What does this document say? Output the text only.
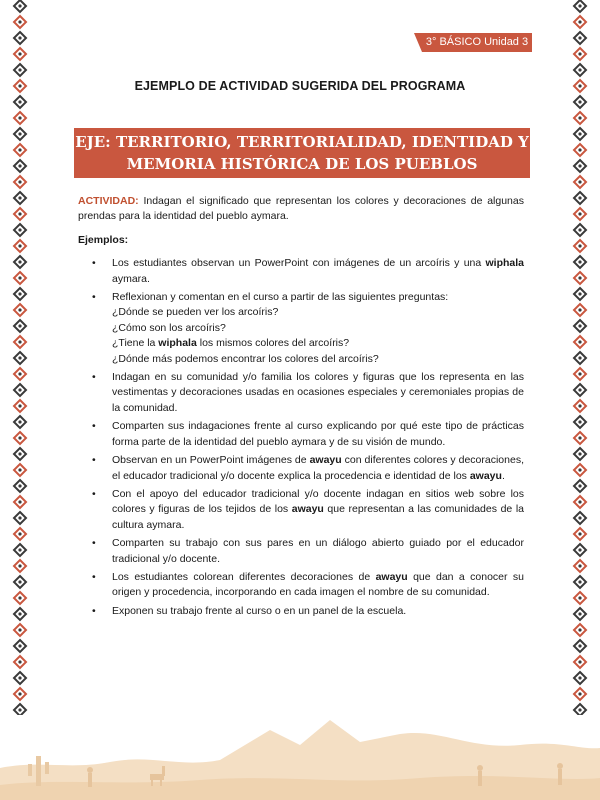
3° BÁSICO Unidad 3
EJEMPLO DE ACTIVIDAD SUGERIDA DEL PROGRAMA
EJE: TERRITORIO, TERRITORIALIDAD, IDENTIDAD Y
MEMORIA HISTÓRICA DE LOS PUEBLOS ORIGINARIOS

ACTIVIDAD: Indagan el significado que representan los colores y decoraciones de algunas prendas para la identidad del pueblo aymara.

Ejemplos:

• Los estudiantes observan un PowerPoint con imágenes de un arcoíris y una wiphala aymara.
• Reflexionan y comentan en el curso a partir de las siguientes preguntas:
¿Dónde se pueden ver los arcoíris?
¿Cómo son los arcoíris?
¿Tiene la wiphala los mismos colores del arcoíris?
¿Dónde más podemos encontrar los colores del arcoíris?
• Indagan en su comunidad y/o familia los colores y figuras que los representa en las vestimentas y decoraciones usadas en ocasiones especiales y ceremoniales propias de la comunidad.
• Comparten sus indagaciones frente al curso explicando por qué este tipo de prácticas forma parte de la identidad del pueblo aymara y de su visión de mundo.
• Observan en un PowerPoint imágenes de awayu con diferentes colores y decoraciones, el educador tradicional y/o docente explica la procedencia e identidad de los awayu.
• Con el apoyo del educador tradicional y/o docente indagan en sitios web sobre los colores y figuras de los tejidos de los awayu que representan a las comunidades de la cultura aymara.
• Comparten su trabajo con sus pares en un diálogo abierto guiado por el educador tradicional y/o docente.
• Los estudiantes colorean diferentes decoraciones de awayu que dan a conocer su origen y procedencia, incorporando en cada imagen el nombre de su comunidad.
• Exponen su trabajo frente al curso o en un panel de la escuela.
